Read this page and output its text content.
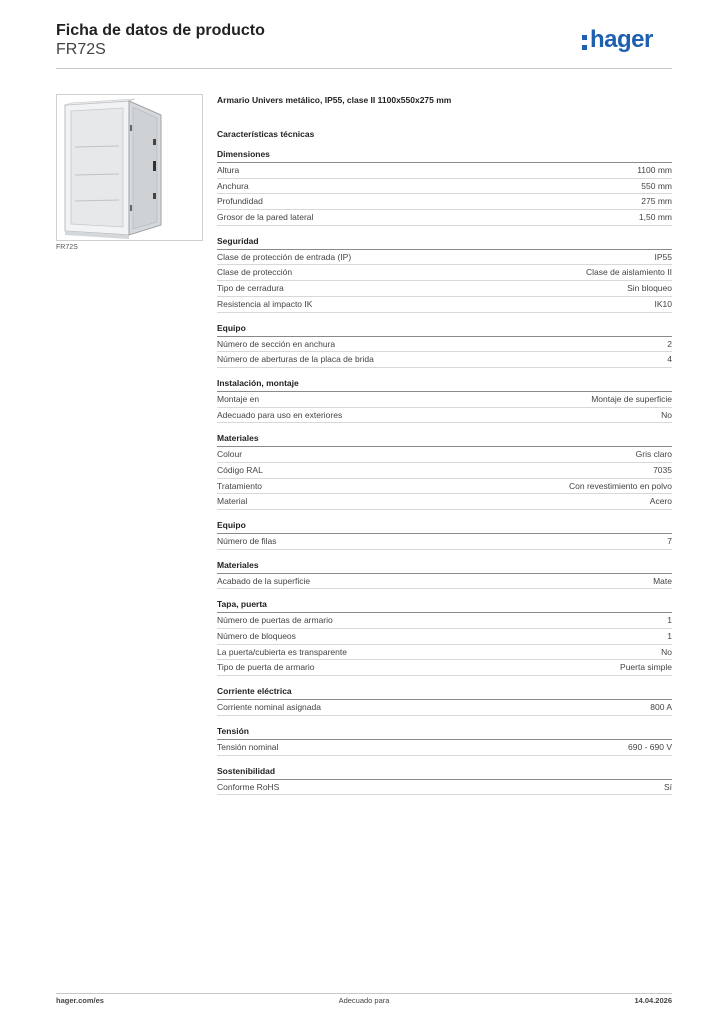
Ficha de datos de producto
FR72S	hager
FR72S
Armario Univers metálico, IP55, clase II 1100x550x275 mm
Características técnicas
Dimensiones
Altura	1100 mm
Anchura	550 mm
Profundidad	275 mm
Grosor de la pared lateral	1,50 mm
Seguridad
Clase de protección de entrada (IP)	IP55
Clase de protección	Clase de aislamiento II
Tipo de cerradura	Sin bloqueo
Resistencia al impacto IK	IK10
Equipo
Número de sección en anchura	2
Número de aberturas de la placa de brida	4
Instalación, montaje
Montaje en	Montaje de superficie
Adecuado para uso en exteriores	No
Materiales
Colour	Gris claro
Código RAL	7035
Tratamiento	Con revestimiento en polvo
Material	Acero
Equipo
Número de filas	7
Materiales
Acabado de la superficie	Mate
Tapa, puerta
Número de puertas de armario	1
Número de bloqueos	1
La puerta/cubierta es transparente	No
Tipo de puerta de armario	Puerta simple
Corriente eléctrica
Corriente nominal asignada	800 A
Tensión
Tensión nominal	690 - 690 V
Sostenibilidad
Conforme RoHS	Sí
hager.com/es	Adecuado para	14.04.2026
